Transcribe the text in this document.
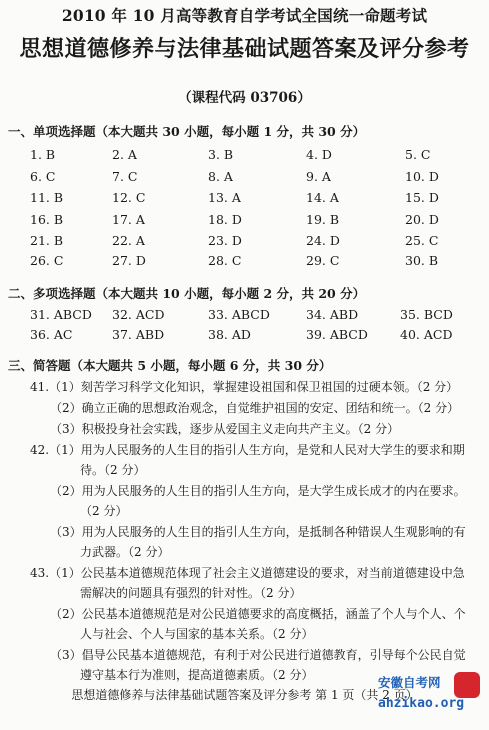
2010 年 10 月高等教育自学考试全国统一命题考试
思想道德修养与法律基础试题答案及评分参考
（课程代码 03706）
一、单项选择题（本大题共 30 小题，每小题 1 分，共 30 分）
1. B	2. A	3. B	4. D	5. C
6. C	7. C	8. A	9. A	10. D
11. B	12. C	13. A	14. A	15. D
16. B	17. A	18. D	19. B	20. D
21. B	22. A	23. D	24. D	25. C
26. C	27. D	28. C	29. C	30. B
二、多项选择题（本大题共 10 小题，每小题 2 分，共 20 分）
31. ABCD 32. ACD	33. ABCD	34. ABD	35. BCD
36. AC	37. ABD	38. AD	39. ABCD	40. ACD
三、简答题（本大题共 5 小题，每小题 6 分，共 30 分）
41.（1）刻苦学习科学文化知识，掌握建设祖国和保卫祖国的过硬本领。（2 分）
（2）确立正确的思想政治观念，自觉维护祖国的安定、团结和统一。（2 分）
（3）积极投身社会实践，逐步从爱国主义走向共产主义。（2 分）
42.（1）用为人民服务的人生目的指引人生方向，是党和人民对大学生的要求和期
待。（2 分）
（2）用为人民服务的人生目的指引人生方向，是大学生成长成才的内在要求。
（2 分）
（3）用为人民服务的人生目的指引人生方向，是抵制各种错误人生观影响的有
力武器。（2 分）
43.（1）公民基本道德规范体现了社会主义道德建设的要求，对当前道德建设中急
需解决的问题具有强烈的针对性。（2 分）
（2）公民基本道德规范是对公民道德要求的高度概括，涵盖了个人与个人、个
人与社会、个人与国家的基本关系。（2 分）
（3）倡导公民基本道德规范，有利于对公民进行道德教育，引导每个公民自觉
遵守基本行为准则，提高道德素质。（2 分）
思想道德修养与法律基础试题答案及评分参考 第 1 页（共 2 页）
安徽自考网
ahzikao.org
